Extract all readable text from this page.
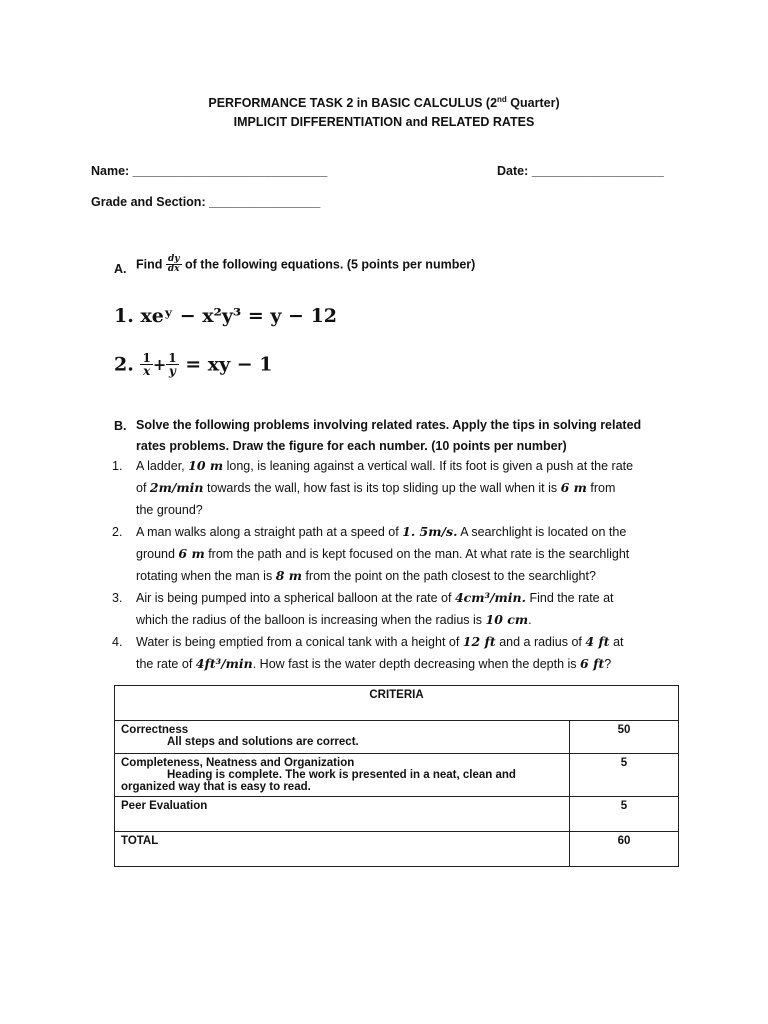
PERFORMANCE TASK 2 in BASIC CALCULUS (2nd Quarter)
IMPLICIT DIFFERENTIATION and RELATED RATES
Name: ____________________________	Date: ___________________
Grade and Section: ________________
A. Find $\frac{dy}{dx}$ of the following equations. (5 points per number)
1. xeʸ − x²y³ = y − 12
2. $\frac{1}{x} + \frac{1}{y}$ = xy − 1
B. Solve the following problems involving related rates. Apply the tips in solving related
rates problems. Draw the figure for each number. (10 points per number)
1. A ladder, 10 m long, is leaning against a vertical wall. If its foot is given a push at the rate
of 2m/min towards the wall, how fast is its top sliding up the wall when it is 6 m from
the ground?
2. A man walks along a straight path at a speed of 1. 5m/s. A searchlight is located on the
ground 6 m from the path and is kept focused on the man. At what rate is the searchlight
rotating when the man is 8 m from the point on the path closest to the searchlight?
3. Air is being pumped into a spherical balloon at the rate of 4cm³/min. Find the rate at
which the radius of the balloon is increasing when the radius is 10 cm.
4. Water is being emptied from a conical tank with a height of 12 ft and a radius of 4 ft at
the rate of 4ft³/min. How fast is the water depth decreasing when the depth is 6 ft?
CRITERIA	
Correctness
All steps and solutions are correct.	50
Completeness, Neatness and Organization
Heading is complete. The work is presented in a neat, clean and
organized way that is easy to read.	5
Peer Evaluation	5
TOTAL	60
